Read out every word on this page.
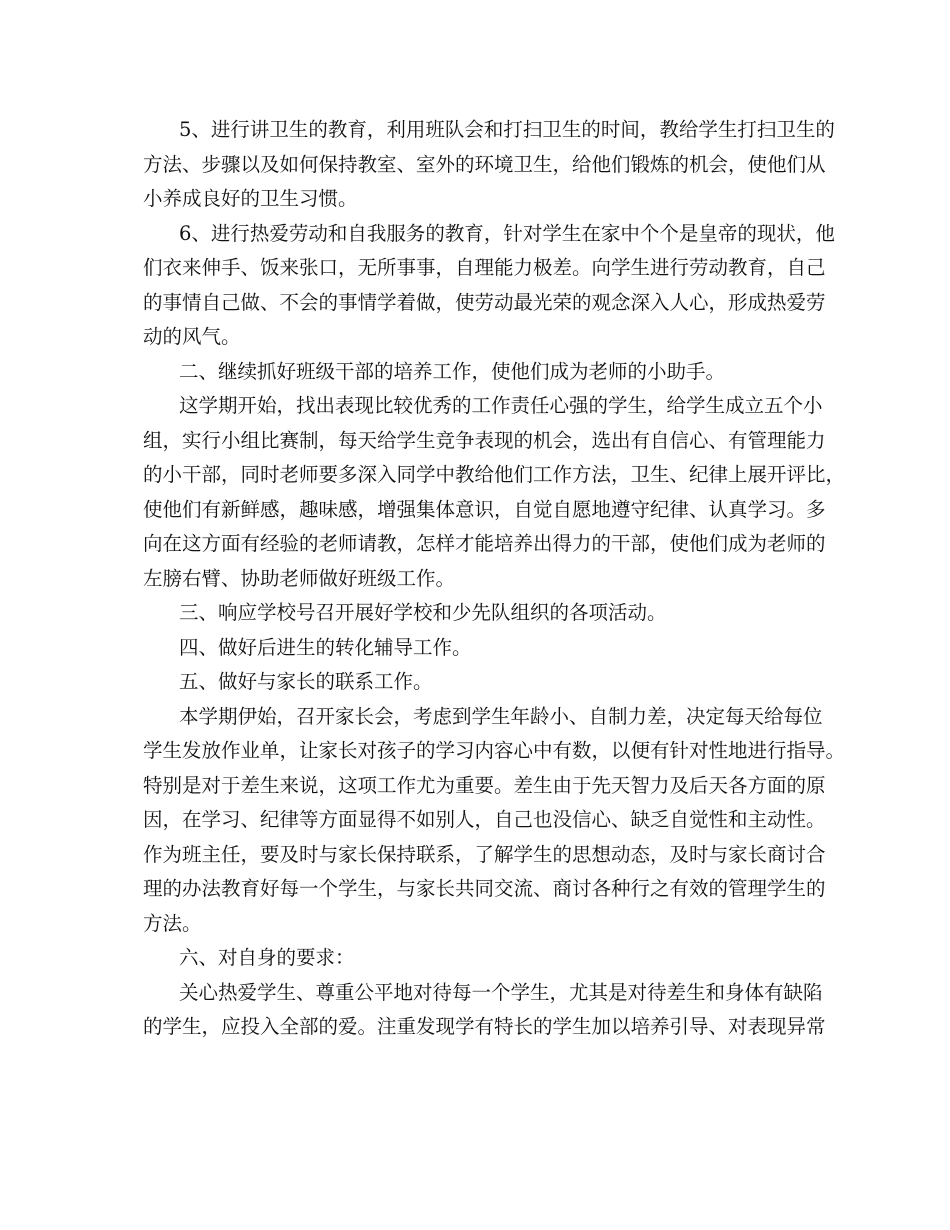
5、进行讲卫生的教育，利用班队会和打扫卫生的时间，教给学生打扫卫生的
方法、步骤以及如何保持教室、室外的环境卫生，给他们锻炼的机会，使他们从
小养成良好的卫生习惯。
6、进行热爱劳动和自我服务的教育，针对学生在家中个个是皇帝的现状，他
们衣来伸手、饭来张口，无所事事，自理能力极差。向学生进行劳动教育，自己
的事情自己做、不会的事情学着做，使劳动最光荣的观念深入人心，形成热爱劳
动的风气。
二、继续抓好班级干部的培养工作，使他们成为老师的小助手。
这学期开始，找出表现比较优秀的工作责任心强的学生，给学生成立五个小
组，实行小组比赛制，每天给学生竞争表现的机会，选出有自信心、有管理能力
的小干部，同时老师要多深入同学中教给他们工作方法，卫生、纪律上展开评比，
使他们有新鲜感，趣味感，增强集体意识，自觉自愿地遵守纪律、认真学习。多
向在这方面有经验的老师请教，怎样才能培养出得力的干部，使他们成为老师的
左膀右臂、协助老师做好班级工作。
三、响应学校号召开展好学校和少先队组织的各项活动。
四、做好后进生的转化辅导工作。
五、做好与家长的联系工作。
本学期伊始，召开家长会，考虑到学生年龄小、自制力差，决定每天给每位
学生发放作业单，让家长对孩子的学习内容心中有数，以便有针对性地进行指导。
特别是对于差生来说，这项工作尤为重要。差生由于先天智力及后天各方面的原
因，在学习、纪律等方面显得不如别人，自己也没信心、缺乏自觉性和主动性。
作为班主任，要及时与家长保持联系，了解学生的思想动态，及时与家长商讨合
理的办法教育好每一个学生，与家长共同交流、商讨各种行之有效的管理学生的
方法。
六、对自身的要求：
关心热爱学生、尊重公平地对待每一个学生，尤其是对待差生和身体有缺陷
的学生，应投入全部的爱。注重发现学有特长的学生加以培养引导、对表现异常
